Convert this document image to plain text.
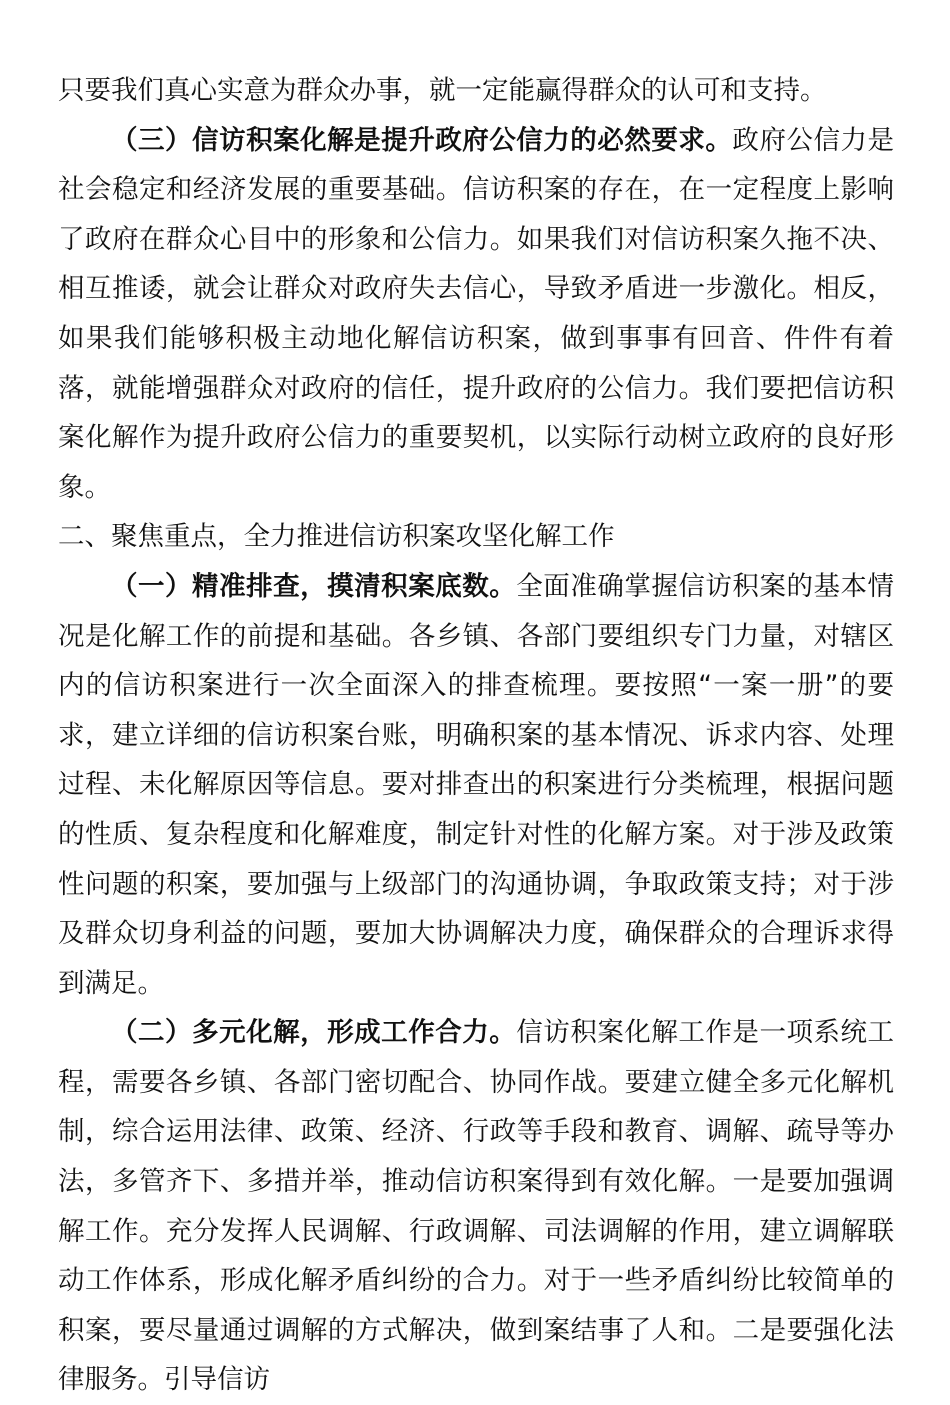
只要我们真心实意为群众办事，就一定能赢得群众的认可和支持。

（三）信访积案化解是提升政府公信力的必然要求。政府公信力是社会稳定和经济发展的重要基础。信访积案的存在，在一定程度上影响了政府在群众心目中的形象和公信力。如果我们对信访积案久拖不决、相互推诿，就会让群众对政府失去信心，导致矛盾进一步激化。相反，如果我们能够积极主动地化解信访积案，做到事事有回音、件件有着落，就能增强群众对政府的信任，提升政府的公信力。我们要把信访积案化解作为提升政府公信力的重要契机，以实际行动树立政府的良好形象。

二、聚焦重点，全力推进信访积案攻坚化解工作

（一）精准排查，摸清积案底数。全面准确掌握信访积案的基本情况是化解工作的前提和基础。各乡镇、各部门要组织专门力量，对辖区内的信访积案进行一次全面深入的排查梳理。要按照“一案一册”的要求，建立详细的信访积案台账，明确积案的基本情况、诉求内容、处理过程、未化解原因等信息。要对排查出的积案进行分类梳理，根据问题的性质、复杂程度和化解难度，制定针对性的化解方案。对于涉及政策性问题的积案，要加强与上级部门的沟通协调，争取政策支持；对于涉及群众切身利益的问题，要加大协调解决力度，确保群众的合理诉求得到满足。

（二）多元化解，形成工作合力。信访积案化解工作是一项系统工程，需要各乡镇、各部门密切配合、协同作战。要建立健全多元化解机制，综合运用法律、政策、经济、行政等手段和教育、调解、疏导等办法，多管齐下、多措并举，推动信访积案得到有效化解。一是要加强调解工作。充分发挥人民调解、行政调解、司法调解的作用，建立调解联动工作体系，形成化解矛盾纠纷的合力。对于一些矛盾纠纷比较简单的积案，要尽量通过调解的方式解决，做到案结事了人和。二是要强化法律服务。引导信访
